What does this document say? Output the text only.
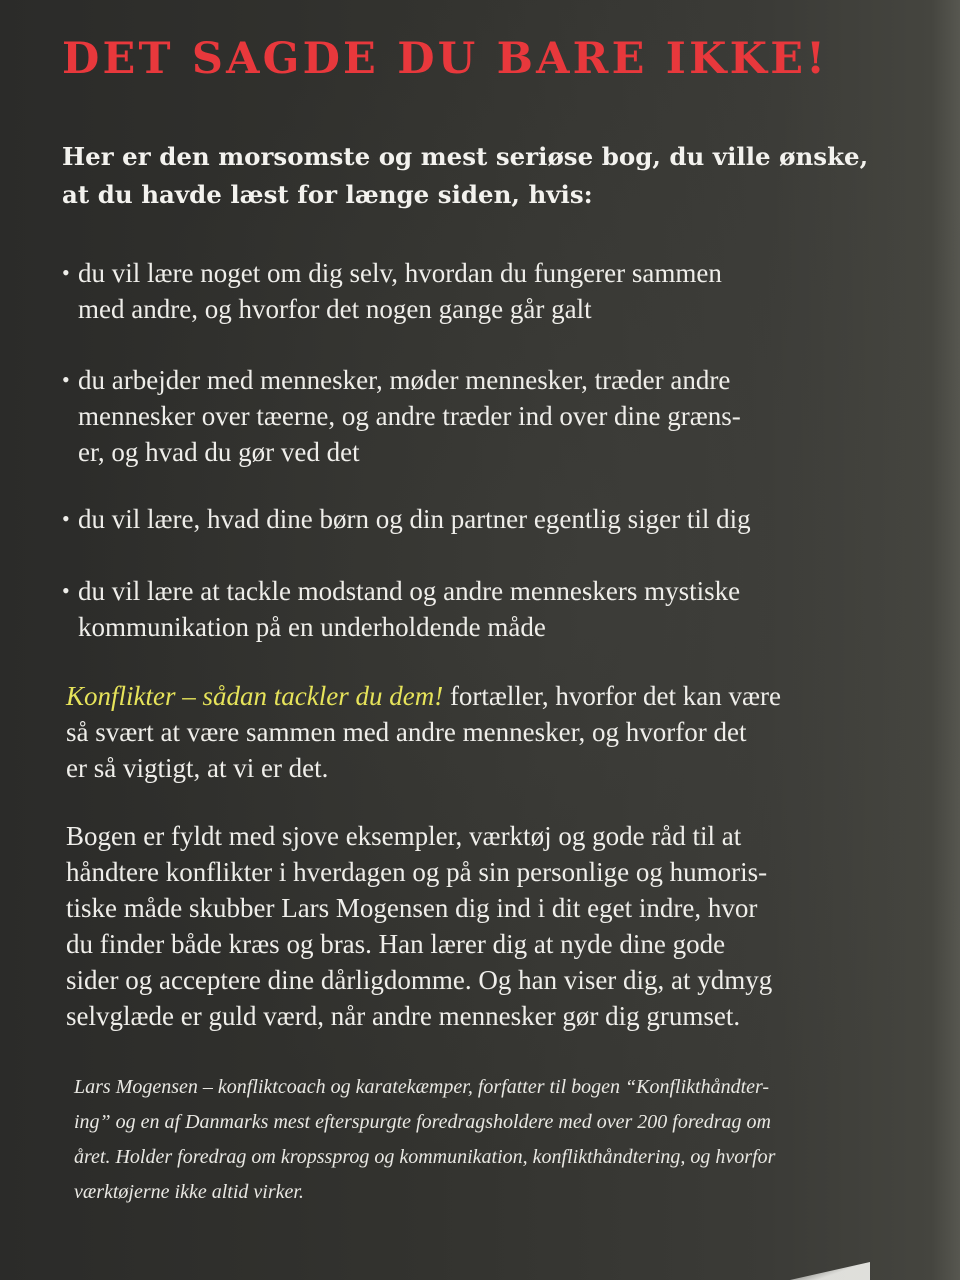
DET SAGDE DU BARE IKKE!

Her er den morsomste og mest seriøse bog, du ville ønske,
at du havde læst for længe siden, hvis:

• du vil lære noget om dig selv, hvordan du fungerer sammen
med andre, og hvorfor det nogen gange går galt
• du arbejder med mennesker, møder mennesker, træder andre
mennesker over tæerne, og andre træder ind over dine græns-
er, og hvad du gør ved det
• du vil lære, hvad dine børn og din partner egentlig siger til dig
• du vil lære at tackle modstand og andre menneskers mystiske
kommunikation på en underholdende måde

Konflikter – sådan tackler du dem! fortæller, hvorfor det kan være
så svært at være sammen med andre mennesker, og hvorfor det
er så vigtigt, at vi er det.

Bogen er fyldt med sjove eksempler, værktøj og gode råd til at
håndtere konflikter i hverdagen og på sin personlige og humoris-
tiske måde skubber Lars Mogensen dig ind i dit eget indre, hvor
du finder både kræs og bras. Han lærer dig at nyde dine gode
sider og acceptere dine dårligdomme. Og han viser dig, at ydmyg
selvglæde er guld værd, når andre mennesker gør dig grumset.

Lars Mogensen – konfliktcoach og karatekæmper, forfatter til bogen “Konflikthåndter-
ing” og en af Danmarks mest efterspurgte foredragsholdere med over 200 foredrag om
året. Holder foredrag om kropssprog og kommunikation, konflikthåndtering, og hvorfor
værktøjerne ikke altid virker.
